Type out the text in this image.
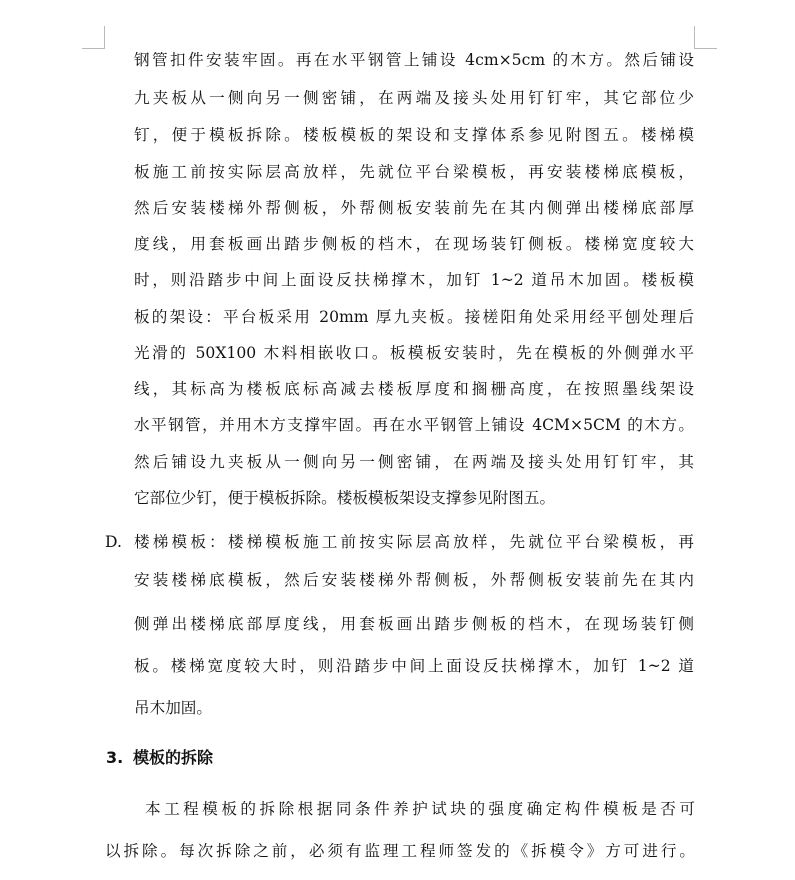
钢管扣件安装牢固。再在水平钢管上铺设 4cm×5cm 的木方。然后铺设
九夹板从一侧向另一侧密铺，在两端及接头处用钉钉牢，其它部位少
钉，便于模板拆除。楼板模板的架设和支撑体系参见附图五。楼梯模
板施工前按实际层高放样，先就位平台梁模板，再安装楼梯底模板，
然后安装楼梯外帮侧板，外帮侧板安装前先在其内侧弹出楼梯底部厚
度线，用套板画出踏步侧板的档木，在现场装钉侧板。楼梯宽度较大
时，则沿踏步中间上面设反扶梯撑木，加钉 1~2 道吊木加固。楼板模
板的架设：平台板采用 20mm 厚九夹板。接槎阳角处采用经平刨处理后
光滑的 50X100 木料相嵌收口。板模板安装时，先在模板的外侧弹水平
线，其标高为楼板底标高减去楼板厚度和搁栅高度，在按照墨线架设
水平钢管，并用木方支撑牢固。再在水平钢管上铺设 4CM×5CM 的木方。
然后铺设九夹板从一侧向另一侧密铺，在两端及接头处用钉钉牢，其
它部位少钉，便于模板拆除。楼板模板架设支撑参见附图五。
D. 楼梯模板：楼梯模板施工前按实际层高放样，先就位平台梁模板，再
安装楼梯底模板，然后安装楼梯外帮侧板，外帮侧板安装前先在其内
侧弹出楼梯底部厚度线，用套板画出踏步侧板的档木，在现场装钉侧
板。楼梯宽度较大时，则沿踏步中间上面设反扶梯撑木，加钉 1~2 道
吊木加固。
3. 模板的拆除
本工程模板的拆除根据同条件养护试块的强度确定构件模板是否可
以拆除。每次拆除之前，必须有监理工程师签发的《拆模令》方可进行。
